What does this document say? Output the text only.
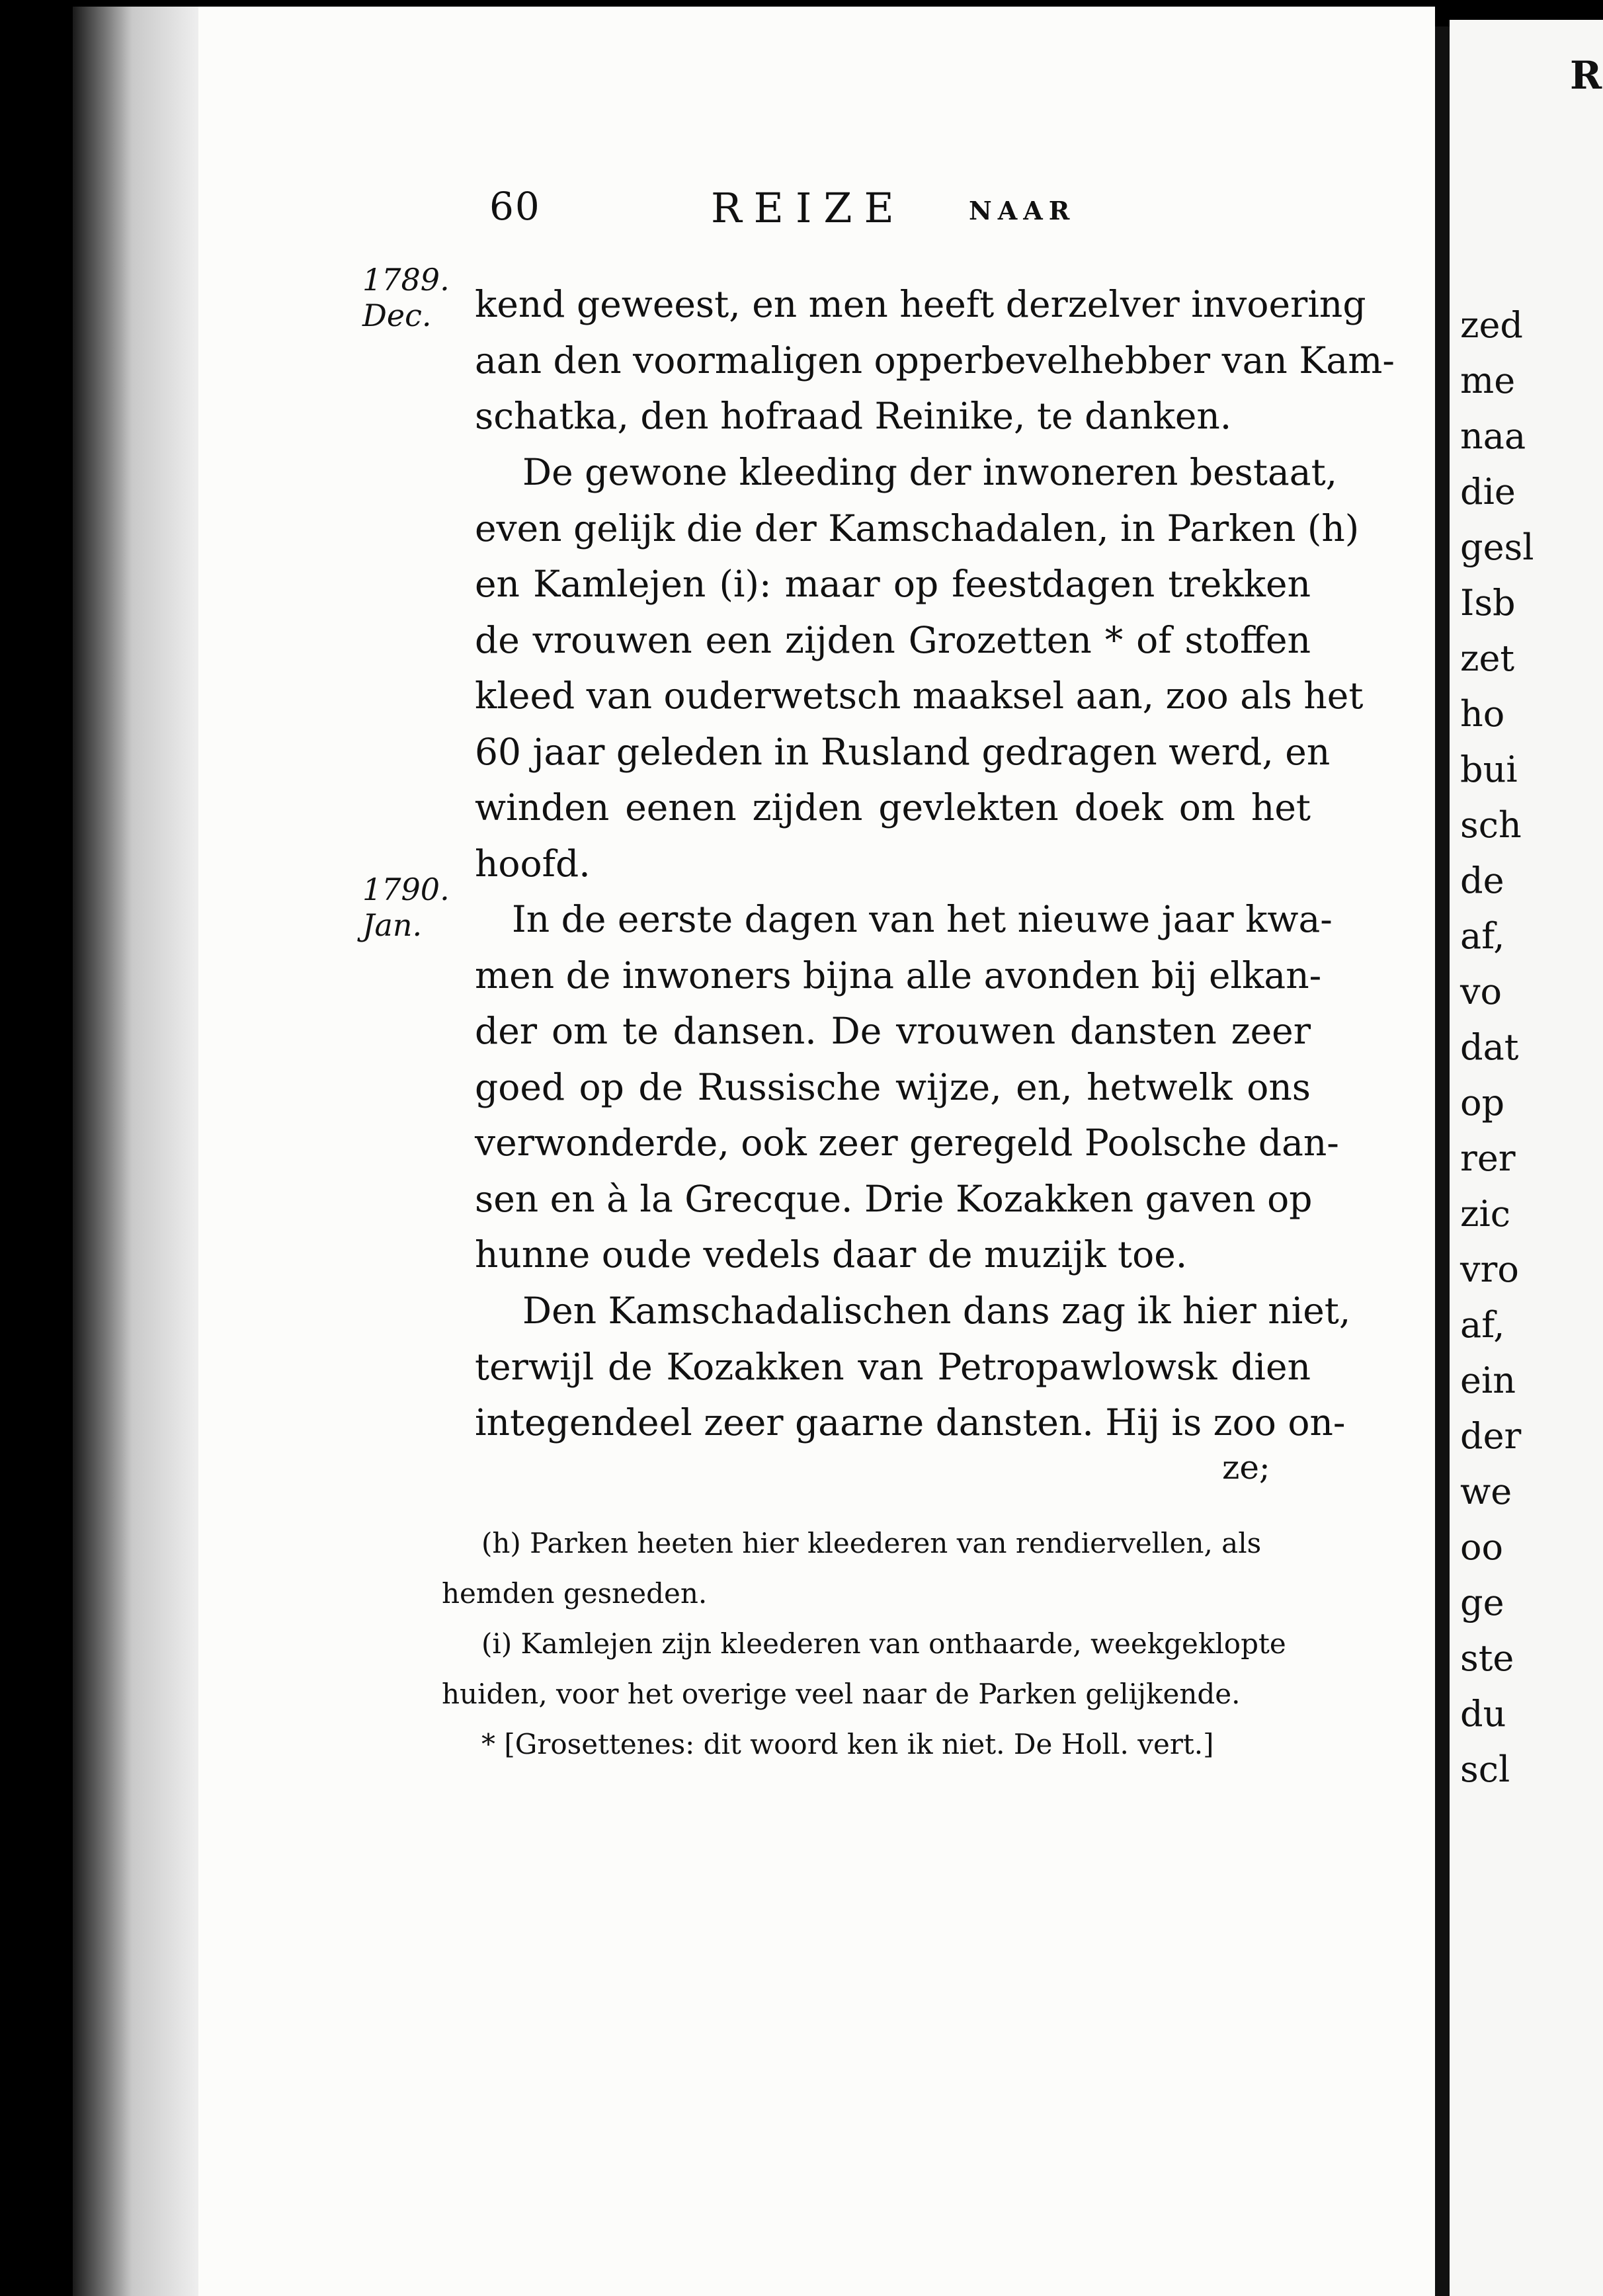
60	REIZE	NAAR
1789.
Dec.
1790.
Jan.
kend geweest, en men heeft derzelver invoering
aan den voormaligen opperbevelhebber van Kam-
schatka, den hofraad Reinike, te danken.
De gewone kleeding der inwoneren bestaat,
even gelijk die der Kamschadalen, in Parken (h)
en Kamlejen (i): maar op feestdagen trekken
de vrouwen een zijden Grozetten * of stoffen
kleed van ouderwetsch maaksel aan, zoo als het
60 jaar geleden in Rusland gedragen werd, en
winden eenen zijden gevlekten doek om het
hoofd.
In de eerste dagen van het nieuwe jaar kwa-
men de inwoners bijna alle avonden bij elkan-
der om te dansen. De vrouwen dansten zeer
goed op de Russische wijze, en, hetwelk ons
verwonderde, ook zeer geregeld Poolsche dan-
sen en à la Grecque. Drie Kozakken gaven op
hunne oude vedels daar de muzijk toe.
Den Kamschadalischen dans zag ik hier niet,
terwijl de Kozakken van Petropawlowsk dien
integendeel zeer gaarne dansten. Hij is zoo on-
ze;
(h) Parken heeten hier kleederen van rendiervellen, als
hemden gesneden.
(i) Kamlejen zijn kleederen van onthaarde, weekgeklopte
huiden, voor het overige veel naar de Parken gelijkende.
* [Grosettenes: dit woord ken ik niet. De Holl. vert.]
zed
me
naa
die
gesl
Isb
zet
ho
bui
sch
de
af,
vo
dat
op
rer
zic
vro
af,
ein
der
we
oo
ge
ste
du
scl
R
